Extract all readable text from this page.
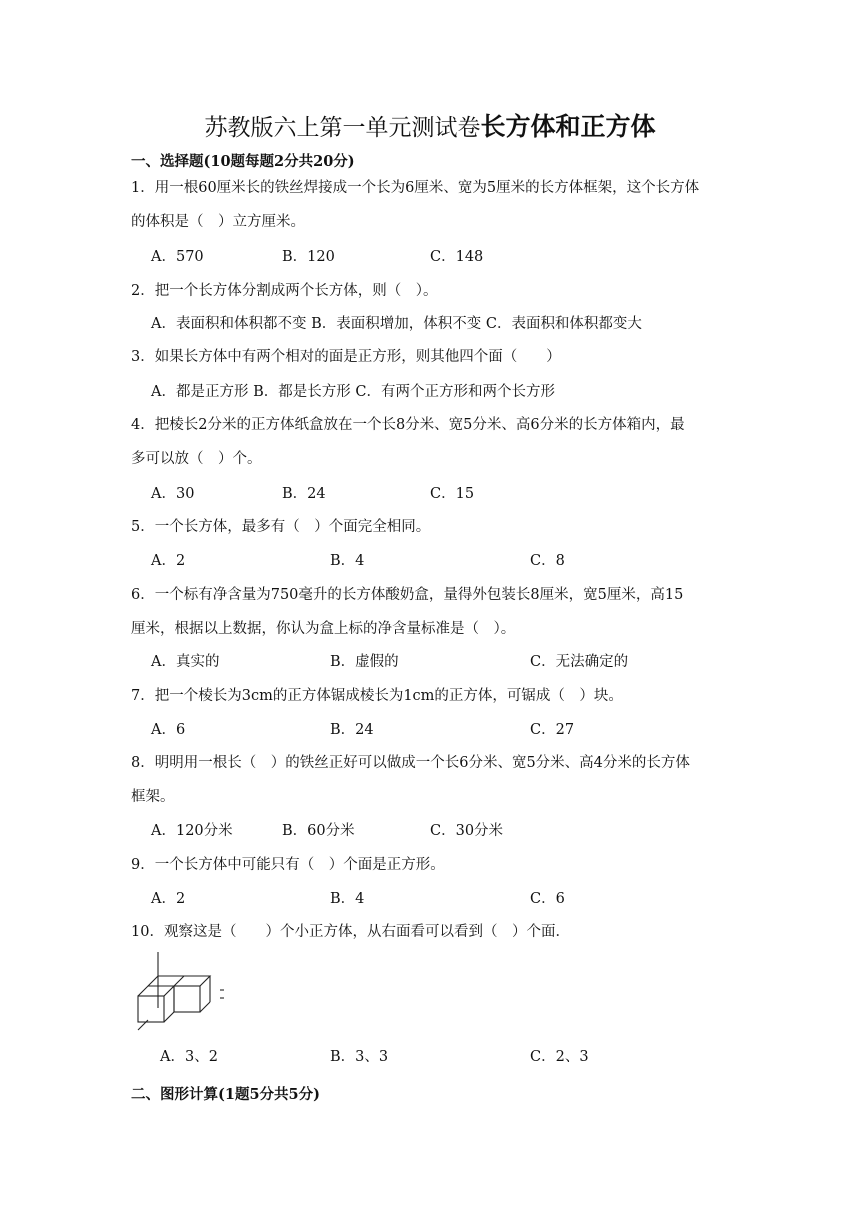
苏教版六上第一单元测试卷长方体和正方体
一、选择题(10题每题2分共20分)
1．用一根60厘米长的铁丝焊接成一个长为6厘米、宽为5厘米的长方体框架，这个长方体
的体积是（　）立方厘米。
A．570	B．120	C．148
2．把一个长方体分割成两个长方体，则（　）。
A．表面积和体积都不变 B．表面积增加，体积不变 C．表面积和体积都变大
3．如果长方体中有两个相对的面是正方形，则其他四个面（　　）
A．都是正方形 B．都是长方形 C．有两个正方形和两个长方形
4．把棱长2分米的正方体纸盒放在一个长8分米、宽5分米、高6分米的长方体箱内，最
多可以放（　）个。
A．30	B．24	C．15
5．一个长方体，最多有（　）个面完全相同。
A．2	B．4	C．8
6．一个标有净含量为750毫升的长方体酸奶盒，量得外包装长8厘米，宽5厘米，高15
厘米，根据以上数据，你认为盒上标的净含量标准是（　）。
A．真实的	B．虚假的	C．无法确定的
7．把一个棱长为3cm的正方体锯成棱长为1cm的正方体，可锯成（　）块。
A．6	B．24	C．27
8．明明用一根长（　）的铁丝正好可以做成一个长6分米、宽5分米、高4分米的长方体
框架。
A．120分米	B．60分米	C．30分米
9．一个长方体中可能只有（　）个面是正方形。
A．2	B．4	C．6
10．观察这是（　　）个小正方体，从右面看可以看到（　）个面．
A．3、2	B．3、3	C．2、3
二、图形计算(1题5分共5分)
